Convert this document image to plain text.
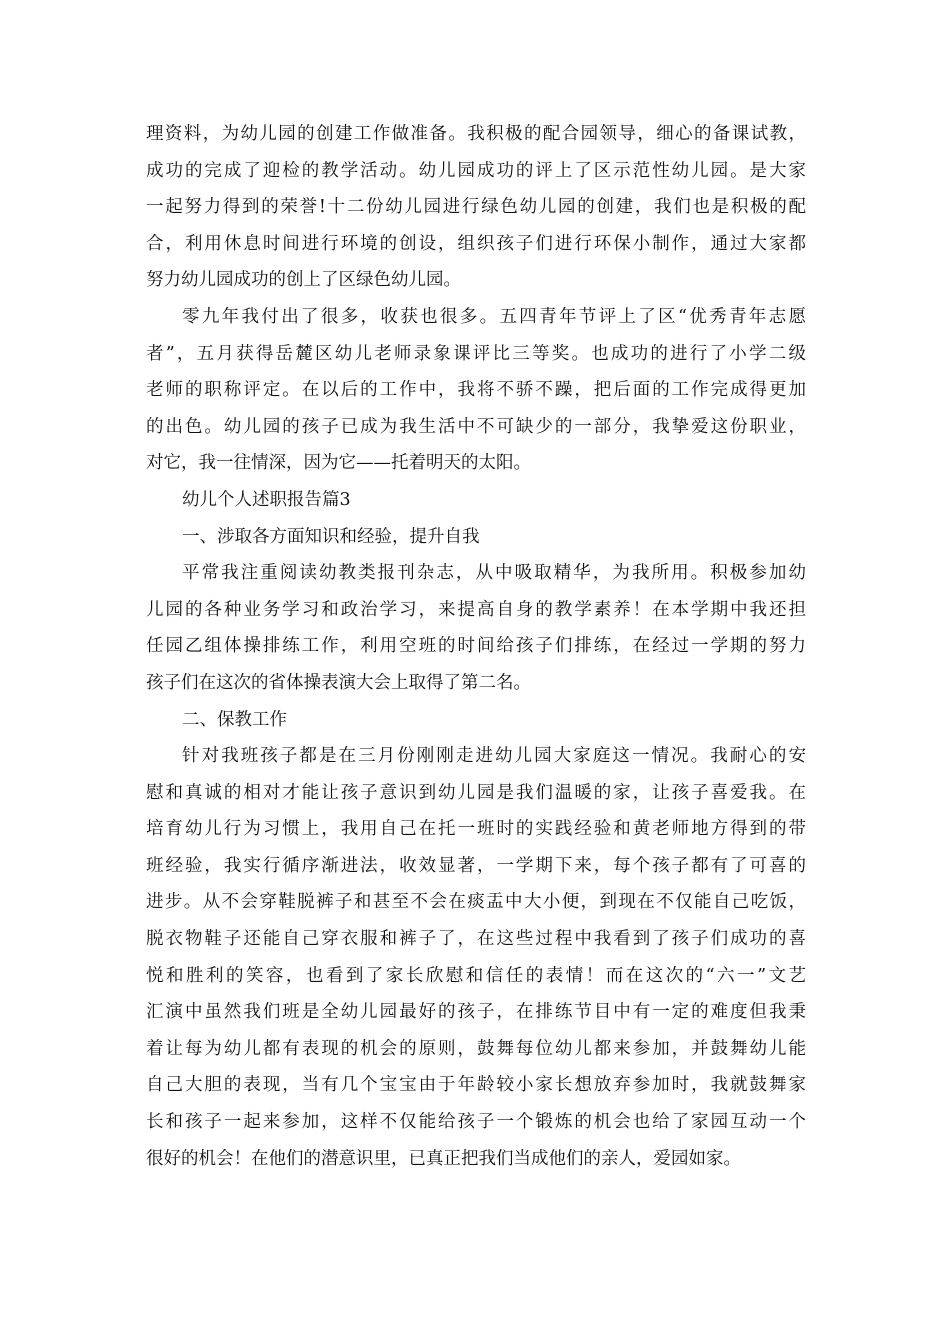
理资料，为幼儿园的创建工作做准备。我积极的配合园领导，细心的备课试教，
成功的完成了迎检的教学活动。幼儿园成功的评上了区示范性幼儿园。是大家
一起努力得到的荣誉!十二份幼儿园进行绿色幼儿园的创建，我们也是积极的配
合，利用休息时间进行环境的创设，组织孩子们进行环保小制作，通过大家都
努力幼儿园成功的创上了区绿色幼儿园。
零九年我付出了很多，收获也很多。五四青年节评上了区“优秀青年志愿
者”，五月获得岳麓区幼儿老师录象课评比三等奖。也成功的进行了小学二级
老师的职称评定。在以后的工作中，我将不骄不躁，把后面的工作完成得更加
的出色。幼儿园的孩子已成为我生活中不可缺少的一部分，我挚爱这份职业，
对它，我一往情深，因为它——托着明天的太阳。
幼儿个人述职报告篇3
一、涉取各方面知识和经验，提升自我
平常我注重阅读幼教类报刊杂志，从中吸取精华，为我所用。积极参加幼
儿园的各种业务学习和政治学习，来提高自身的教学素养！在本学期中我还担
任园乙组体操排练工作，利用空班的时间给孩子们排练，在经过一学期的努力
孩子们在这次的省体操表演大会上取得了第二名。
二、保教工作
针对我班孩子都是在三月份刚刚走进幼儿园大家庭这一情况。我耐心的安
慰和真诚的相对才能让孩子意识到幼儿园是我们温暖的家，让孩子喜爱我。在
培育幼儿行为习惯上，我用自己在托一班时的实践经验和黄老师地方得到的带
班经验，我实行循序渐进法，收效显著，一学期下来，每个孩子都有了可喜的
进步。从不会穿鞋脱裤子和甚至不会在痰盂中大小便，到现在不仅能自己吃饭，
脱衣物鞋子还能自己穿衣服和裤子了，在这些过程中我看到了孩子们成功的喜
悦和胜利的笑容，也看到了家长欣慰和信任的表情！而在这次的“六一”文艺
汇演中虽然我们班是全幼儿园最好的孩子，在排练节目中有一定的难度但我秉
着让每为幼儿都有表现的机会的原则，鼓舞每位幼儿都来参加，并鼓舞幼儿能
自己大胆的表现，当有几个宝宝由于年龄较小家长想放弃参加时，我就鼓舞家
长和孩子一起来参加，这样不仅能给孩子一个锻炼的机会也给了家园互动一个
很好的机会！在他们的潜意识里，已真正把我们当成他们的亲人，爱园如家。
